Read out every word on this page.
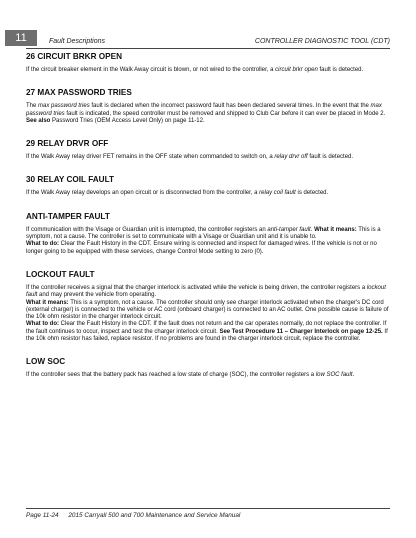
11	Fault Descriptions	CONTROLLER DIAGNOSTIC TOOL (CDT)
26 CIRCUIT BRKR OPEN

If the circuit breaker element in the Walk Away circuit is blown, or not wired to the controller, a circuit brkr open fault is detected.

27 MAX PASSWORD TRIES

The max password tries fault is declared when the incorrect password fault has been declared several times. In the event that the max password tries fault is indicated, the speed controller must be removed and shipped to Club Car before it can ever be placed in Mode 2. See also Password Tries (OEM Access Level Only) on page 11-12.

29 RELAY DRVR OFF

If the Walk Away relay driver FET remains in the OFF state when commanded to switch on, a relay drvr off fault is detected.

30 RELAY COIL FAULT

If the Walk Away relay develops an open circuit or is disconnected from the controller, a relay coil fault is detected.

ANTI-TAMPER FAULT

If communication with the Visage or Guardian unit is interrupted, the controller registers an anti-tamper fault. What it means: This is a symptom, not a cause. The controller is set to communicate with a Visage or Guardian unit and it is unable to.

What to do: Clear the Fault History in the CDT. Ensure wiring is connected and inspect for damaged wires. If the vehicle is not or no longer going to be equipped with these services, change Control Mode setting to zero (0).

LOCKOUT FAULT

If the controller receives a signal that the charger interlock is activated while the vehicle is being driven, the controller registers a lockout fault and may prevent the vehicle from operating.

What it means: This is a symptom, not a cause. The controller should only see charger interlock activated when the charger's DC cord (external charger) is connected to the vehicle or AC cord (onboard charger) is connected to an AC outlet. One possible cause is failure of the 10k ohm resistor in the charger interlock circuit.

What to do: Clear the Fault History in the CDT. If the fault does not return and the car operates normally, do not replace the controller. If the fault continues to occur, inspect and test the charger interlock circuit. See Test Procedure 11 – Charger Interlock on page 12-25. If the 10k ohm resistor has failed, replace resistor. If no problems are found in the charger interlock circuit, replace the controller.

LOW SOC

If the controller sees that the battery pack has reached a low state of charge (SOC), the controller registers a low SOC fault.

Page 11-24 2015 Carryall 500 and 700 Maintenance and Service Manual
